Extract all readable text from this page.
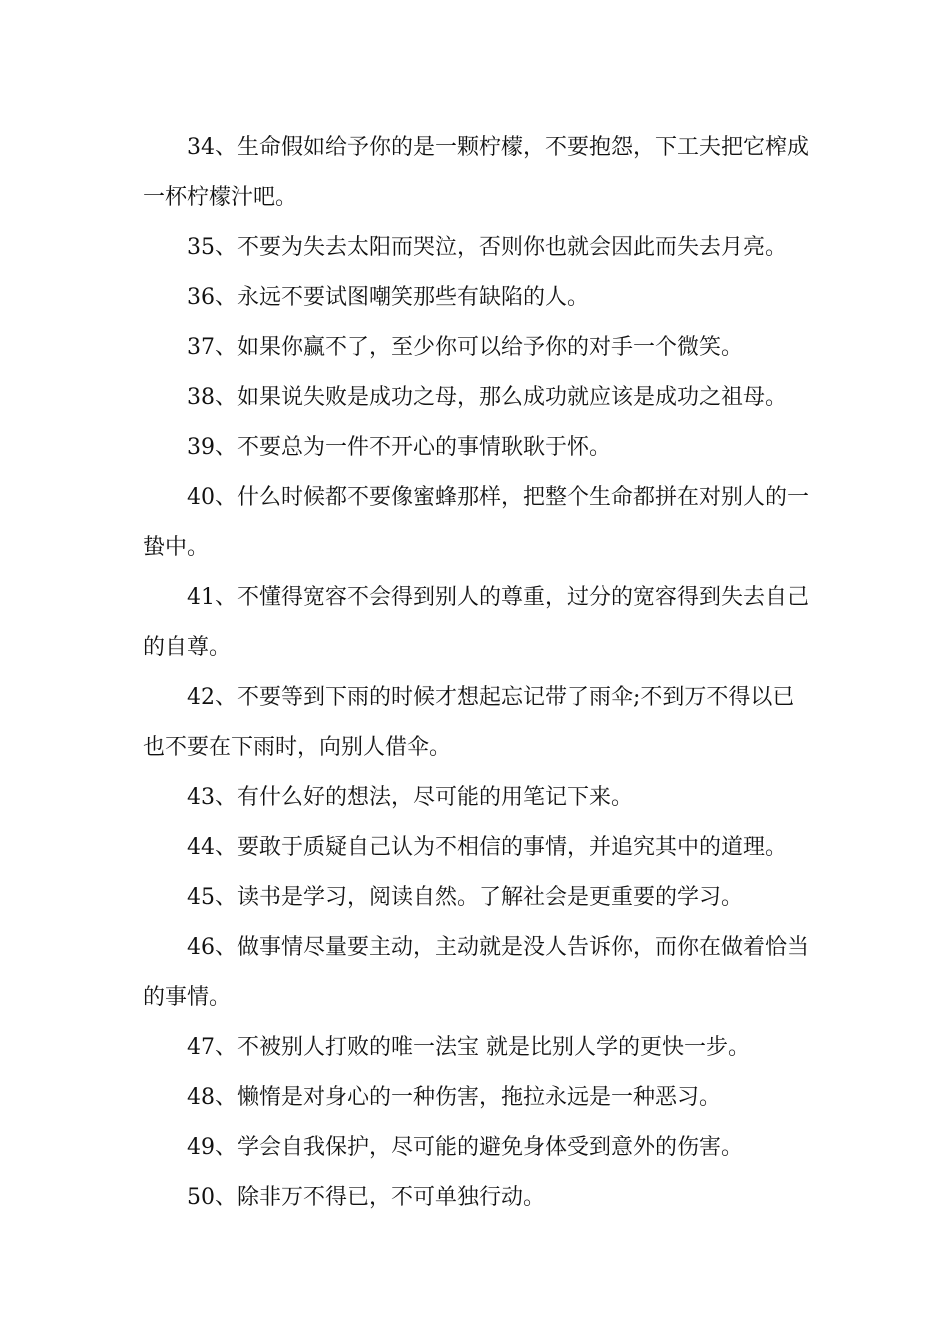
34、生命假如给予你的是一颗柠檬，不要抱怨，下工夫把它榨成一杯柠檬汁吧。

35、不要为失去太阳而哭泣，否则你也就会因此而失去月亮。

36、永远不要试图嘲笑那些有缺陷的人。

37、如果你赢不了，至少你可以给予你的对手一个微笑。

38、如果说失败是成功之母，那么成功就应该是成功之祖母。

39、不要总为一件不开心的事情耿耿于怀。

40、什么时候都不要像蜜蜂那样，把整个生命都拼在对别人的一蛰中。

41、不懂得宽容不会得到别人的尊重，过分的宽容得到失去自己的自尊。

42、不要等到下雨的时候才想起忘记带了雨伞;不到万不得以已也不要在下雨时，向别人借伞。

43、有什么好的想法，尽可能的用笔记下来。

44、要敢于质疑自己认为不相信的事情，并追究其中的道理。

45、读书是学习，阅读自然。了解社会是更重要的学习。

46、做事情尽量要主动，主动就是没人告诉你，而你在做着恰当的事情。

47、不被别人打败的唯一法宝 就是比别人学的更快一步。

48、懒惰是对身心的一种伤害，拖拉永远是一种恶习。

49、学会自我保护，尽可能的避免身体受到意外的伤害。

50、除非万不得已，不可单独行动。
